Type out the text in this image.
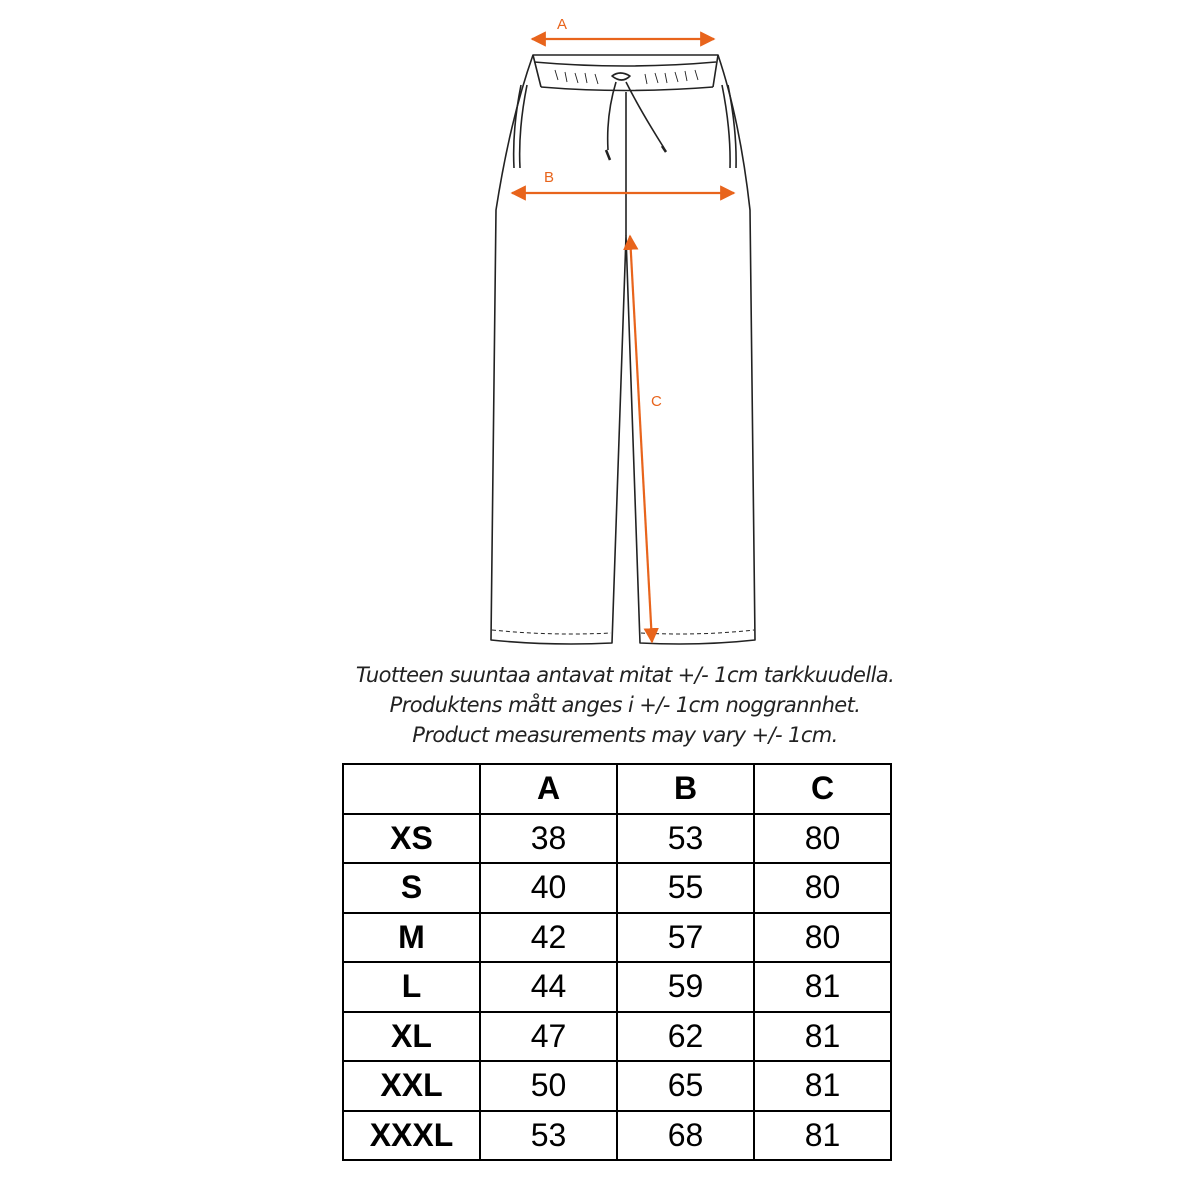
A
B
C
Tuotteen suuntaa antavat mitat +/- 1cm tarkkuudella.
Produktens mått anges i +/- 1cm noggrannhet.
Product measurements may vary +/- 1cm.
	A	B	C
XS	38	53	80
S	40	55	80
M	42	57	80
L	44	59	81
XL	47	62	81
XXL	50	65	81
XXXL	53	68	81
